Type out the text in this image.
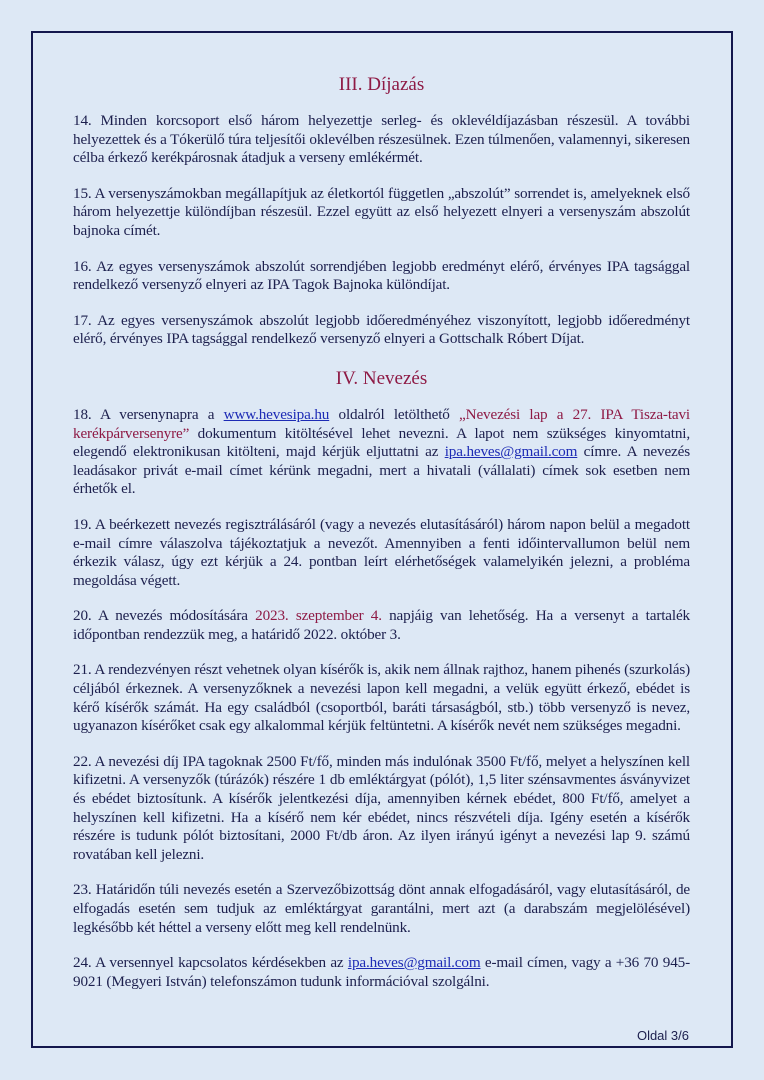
III. Díjazás

14. Minden korcsoport első három helyezettje serleg- és oklevéldíjazásban részesül. A további helyezettek és a Tókerülő túra teljesítői oklevélben részesülnek. Ezen túlmenően, valamennyi, sikeresen célba érkező kerékpárosnak átadjuk a verseny emlékérmét.

15. A versenyszámokban megállapítjuk az életkortól független „abszolút” sorrendet is, amelyeknek első három helyezettje különdíjban részesül. Ezzel együtt az első helyezett elnyeri a versenyszám abszolút bajnoka címét.

16. Az egyes versenyszámok abszolút sorrendjében legjobb eredményt elérő, érvényes IPA tagsággal rendelkező versenyző elnyeri az IPA Tagok Bajnoka különdíjat.

17. Az egyes versenyszámok abszolút legjobb időeredményéhez viszonyított, legjobb időeredményt elérő, érvényes IPA tagsággal rendelkező versenyző elnyeri a Gottschalk Róbert Díjat.

IV. Nevezés

18. A versenynapra a www.hevesipa.hu oldalról letölthető „Nevezési lap a 27. IPA Tisza-tavi kerékpárversenyre” dokumentum kitöltésével lehet nevezni. A lapot nem szükséges kinyomtatni, elegendő elektronikusan kitölteni, majd kérjük eljuttatni az ipa.heves@gmail.com címre. A nevezés leadásakor privát e-mail címet kérünk megadni, mert a hivatali (vállalati) címek sok esetben nem érhetők el.

19. A beérkezett nevezés regisztrálásáról (vagy a nevezés elutasításáról) három napon belül a megadott e-mail címre válaszolva tájékoztatjuk a nevezőt. Amennyiben a fenti időintervallumon belül nem érkezik válasz, úgy ezt kérjük a 24. pontban leírt elérhetőségek valamelyikén jelezni, a probléma megoldása végett.

20. A nevezés módosítására 2023. szeptember 4. napjáig van lehetőség. Ha a versenyt a tartalék időpontban rendezzük meg, a határidő 2022. október 3.

21. A rendezvényen részt vehetnek olyan kísérők is, akik nem állnak rajthoz, hanem pihenés (szurkolás) céljából érkeznek. A versenyzőknek a nevezési lapon kell megadni, a velük együtt érkező, ebédet is kérő kísérők számát. Ha egy családból (csoportból, baráti társaságból, stb.) több versenyző is nevez, ugyanazon kísérőket csak egy alkalommal kérjük feltüntetni. A kísérők nevét nem szükséges megadni.

22. A nevezési díj IPA tagoknak 2500 Ft/fő, minden más indulónak 3500 Ft/fő, melyet a helyszínen kell kifizetni. A versenyzők (túrázók) részére 1 db emléktárgyat (pólót), 1,5 liter szénsavmentes ásványvizet és ebédet biztosítunk. A kísérők jelentkezési díja, amennyiben kérnek ebédet, 800 Ft/fő, amelyet a helyszínen kell kifizetni. Ha a kísérő nem kér ebédet, nincs részvételi díja. Igény esetén a kísérők részére is tudunk pólót biztosítani, 2000 Ft/db áron. Az ilyen irányú igényt a nevezési lap 9. számú rovatában kell jelezni.

23. Határidőn túli nevezés esetén a Szervezőbizottság dönt annak elfogadásáról, vagy elutasításáról, de elfogadás esetén sem tudjuk az emléktárgyat garantálni, mert azt (a darabszám megjelölésével) legkésőbb két héttel a verseny előtt meg kell rendelnünk.

24. A versennyel kapcsolatos kérdésekben az ipa.heves@gmail.com e-mail címen, vagy a +36 70 945-9021 (Megyeri István) telefonszámon tudunk információval szolgálni.

Oldal 3/6
